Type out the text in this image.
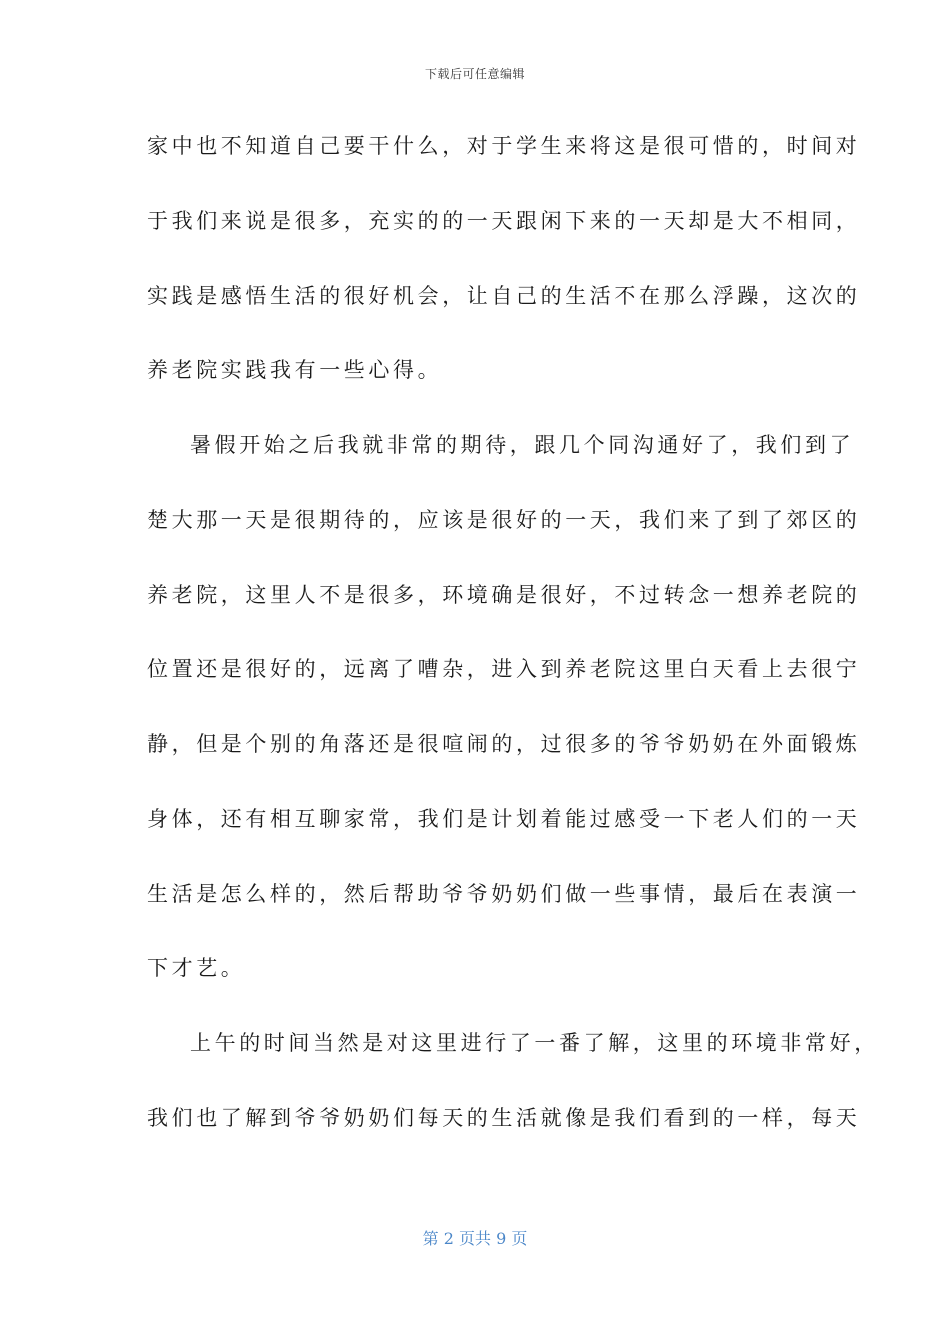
下载后可任意编辑
家中也不知道自己要干什么，对于学生来将这是很可惜的，时间对
于我们来说是很多，充实的的一天跟闲下来的一天却是大不相同，
实践是感悟生活的很好机会，让自己的生活不在那么浮躁，这次的
养老院实践我有一些心得。
暑假开始之后我就非常的期待，跟几个同沟通好了，我们到了
楚大那一天是很期待的，应该是很好的一天，我们来了到了郊区的
养老院，这里人不是很多，环境确是很好，不过转念一想养老院的
位置还是很好的，远离了嘈杂，进入到养老院这里白天看上去很宁
静，但是个别的角落还是很喧闹的，过很多的爷爷奶奶在外面锻炼
身体，还有相互聊家常，我们是计划着能过感受一下老人们的一天
生活是怎么样的，然后帮助爷爷奶奶们做一些事情，最后在表演一
下才艺。
上午的时间当然是对这里进行了一番了解，这里的环境非常好，
我们也了解到爷爷奶奶们每天的生活就像是我们看到的一样，每天
第 2 页共 9 页
